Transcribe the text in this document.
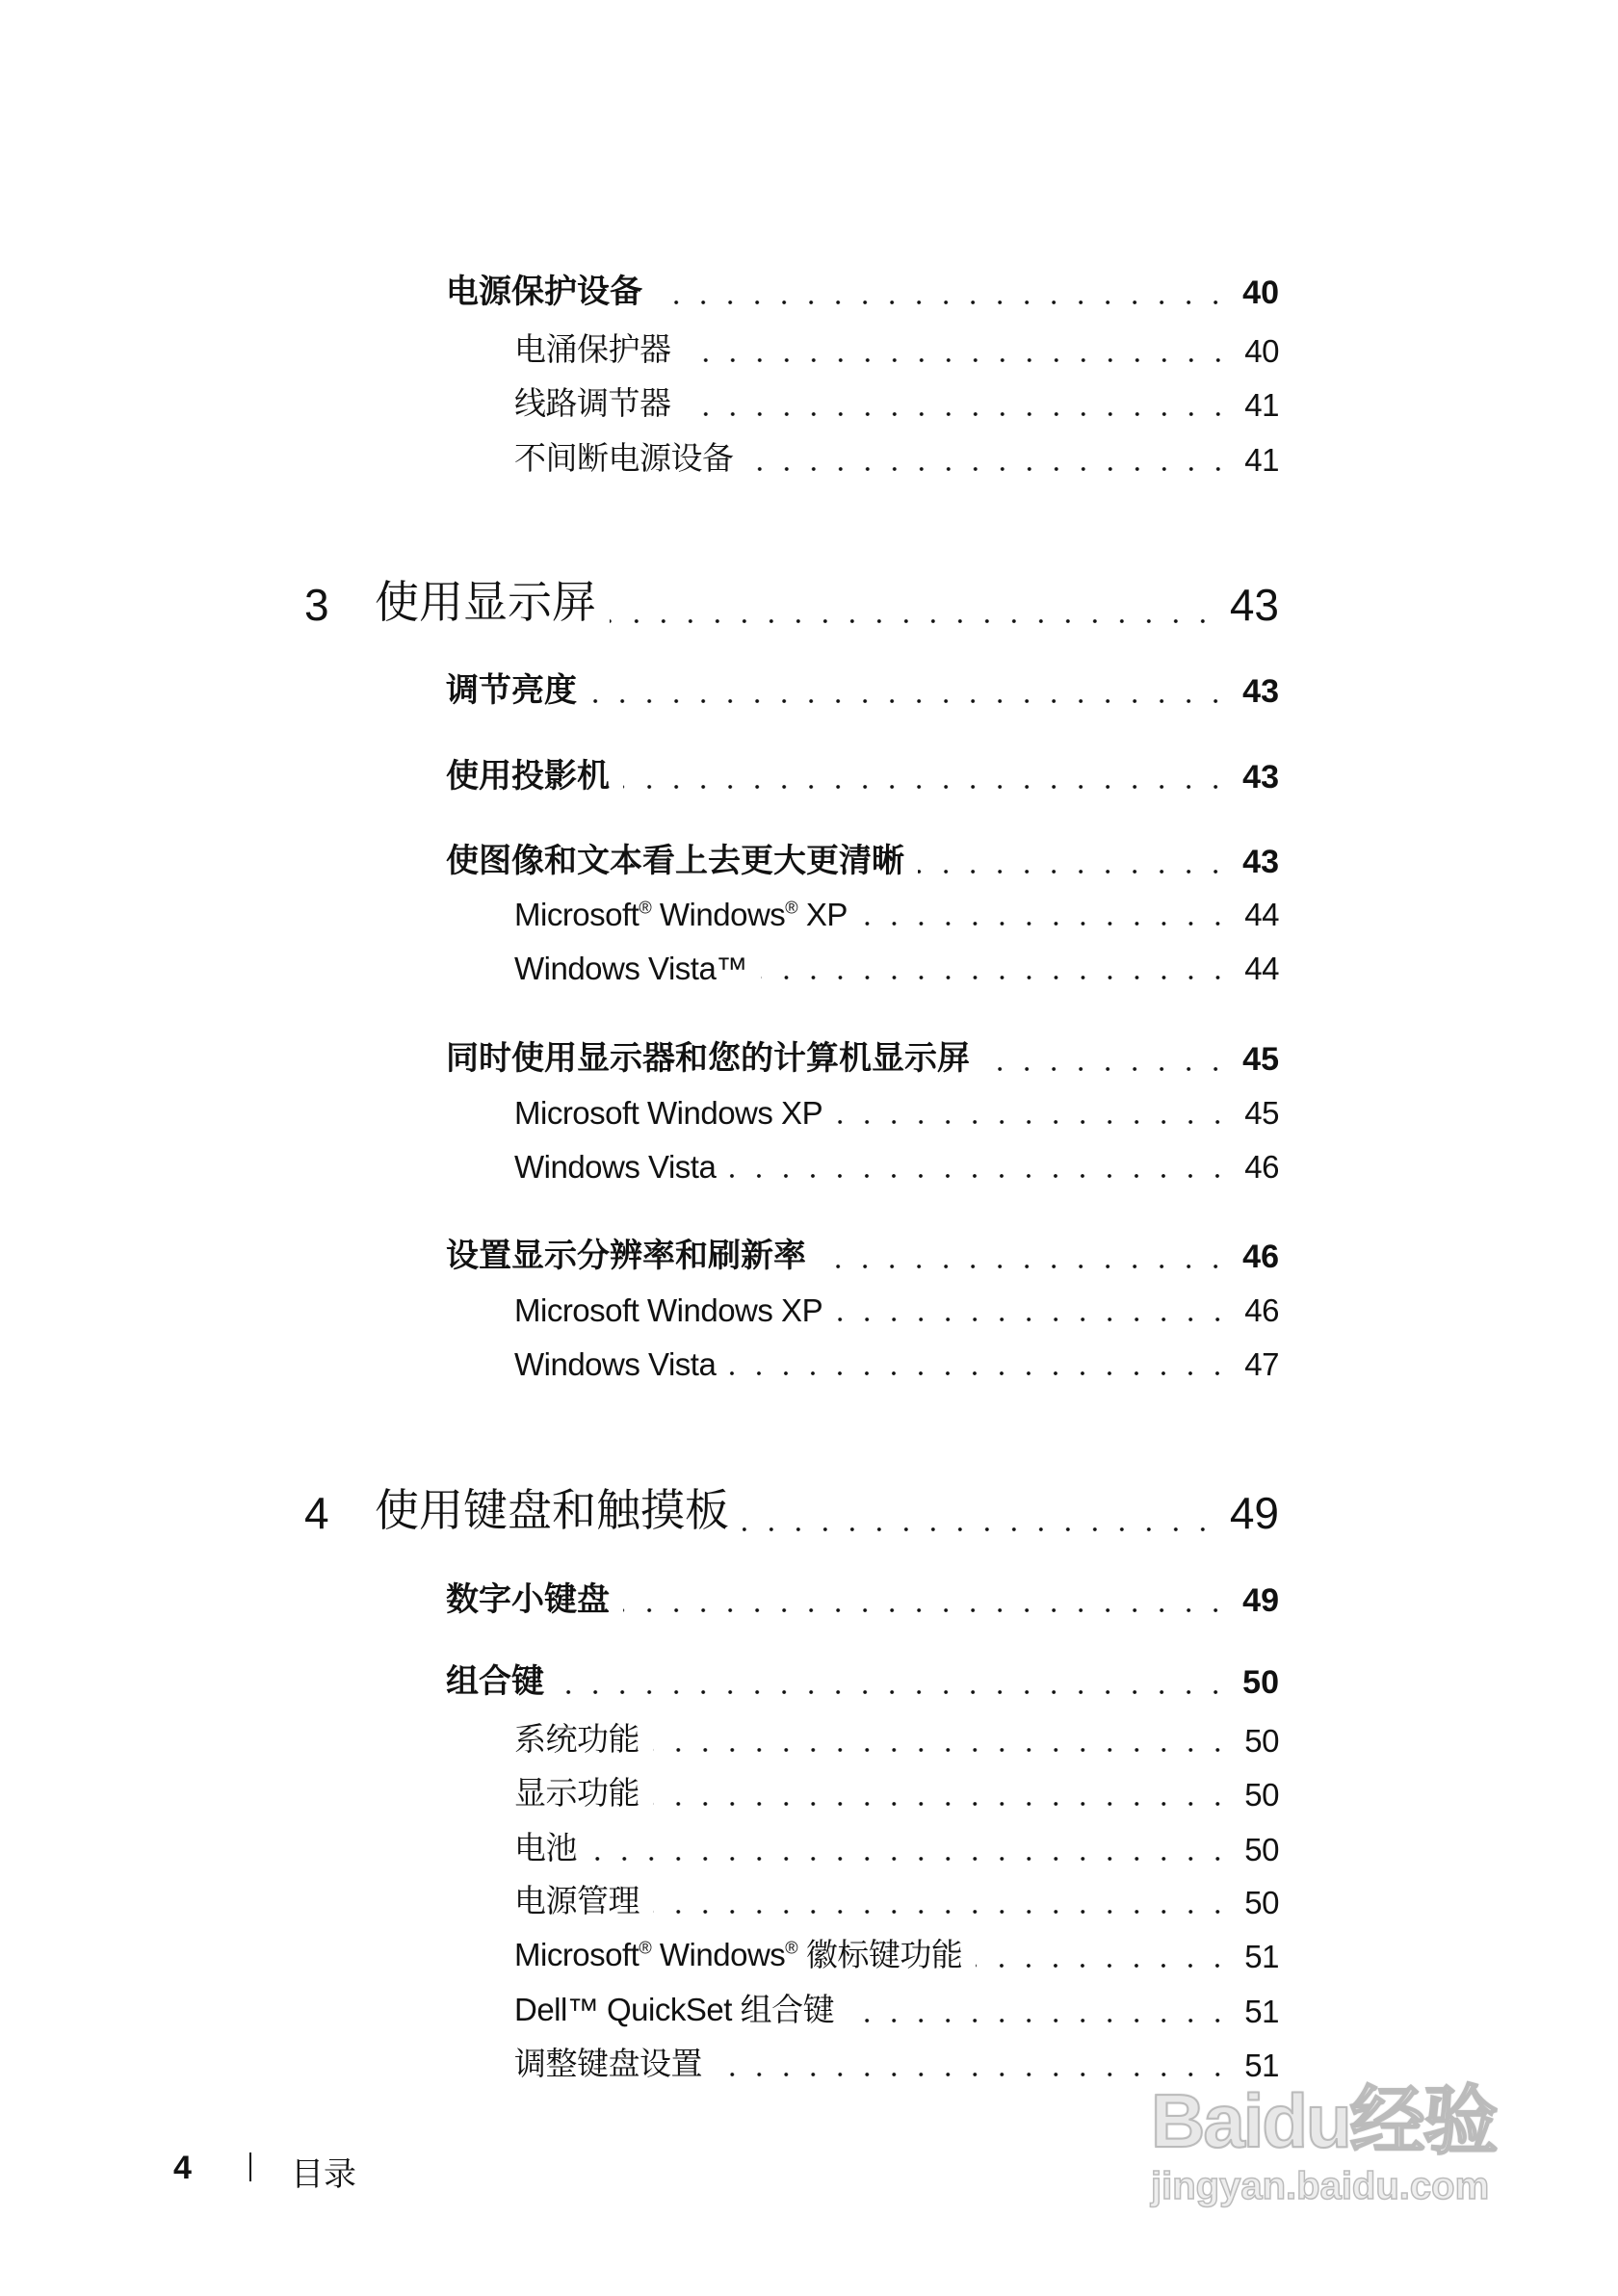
电源保护设备	40
电涌保护器	40
线路调节器	41
不间断电源设备	41
3	使用显示屏	43
调节亮度	43
使用投影机	43
使图像和文本看上去更大更清晰	43
Microsoft® Windows® XP	44
Windows Vista™	44
同时使用显示器和您的计算机显示屏	45
Microsoft Windows XP	45
Windows Vista	46
设置显示分辨率和刷新率	46
Microsoft Windows XP	46
Windows Vista	47
4	使用键盘和触摸板	49
数字小键盘	49
组合键	50
系统功能	50
显示功能	50
电池	50
电源管理	50
Microsoft® Windows® 徽标键功能	51
Dell™ QuickSet 组合键	51
调整键盘设置	51
4	目录
Baidu经验
jingyan.baidu.com
